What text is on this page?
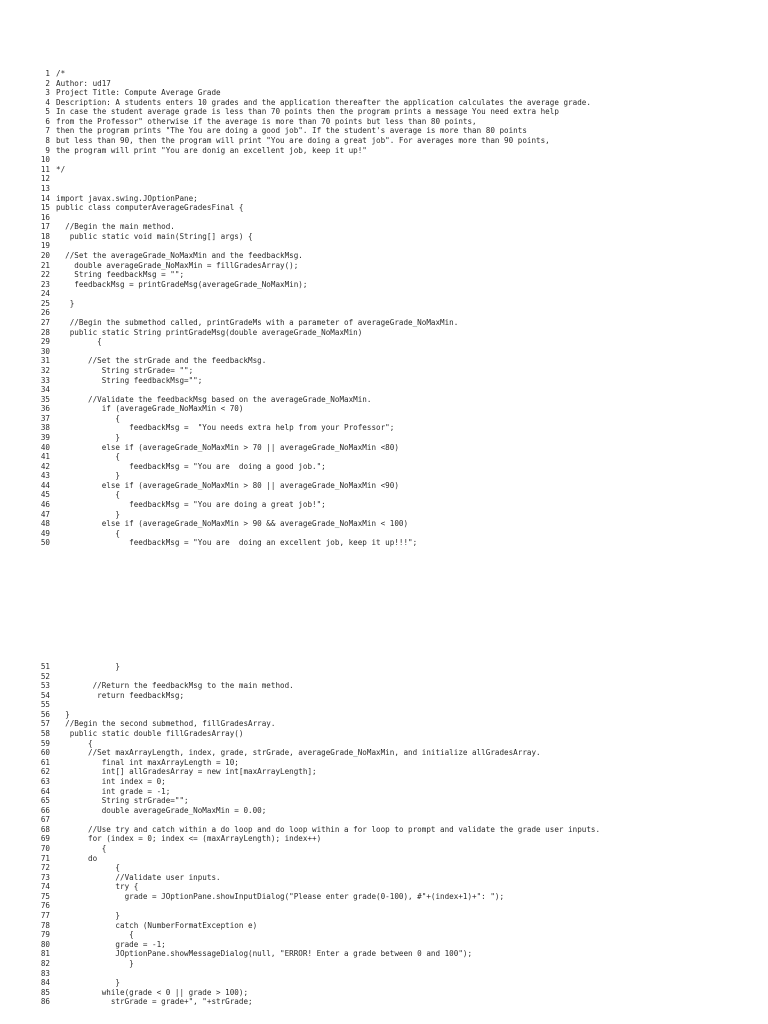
1 /*
2 Author: ud17
3 Project Title: Compute Average Grade
4 Description: A students enters 10 grades and the application thereafter the application calculates the average grade.
5 In case the student average grade is less than 70 points then the program prints a message You need extra help
6 from the Professor" otherwise if the average is more than 70 points but less than 80 points,
7 then the program prints "The You are doing a good job". If the student's average is more than 80 points
8 but less than 90, then the program will print "You are doing a great job". For averages more than 90 points,
9 the program will print "You are donig an excellent job, keep it up!"
10
11 */
12
13
14 import javax.swing.JOptionPane;
15 public class computerAverageGradesFinal {
16
17  //Begin the main method.
18   public static void main(String[] args) {
19
20  //Set the averageGrade_NoMaxMin and the feedbackMsg.
21    double averageGrade_NoMaxMin = fillGradesArray();
22    String feedbackMsg = "";
23    feedbackMsg = printGradeMsg(averageGrade_NoMaxMin);
24
25   }
26
27   //Begin the submethod called, printGradeMs with a parameter of averageGrade_NoMaxMin.
28   public static String printGradeMsg(double averageGrade_NoMaxMin)
29         {
30
31       //Set the strGrade and the feedbackMsg.
32          String strGrade= "";
33          String feedbackMsg="";
34
35       //Validate the feedbackMsg based on the averageGrade_NoMaxMin.
36          if (averageGrade_NoMaxMin < 70)
37             {
38                feedbackMsg =  "You needs extra help from your Professor";
39             }
40          else if (averageGrade_NoMaxMin > 70 || averageGrade_NoMaxMin <80)
41             {
42                feedbackMsg = "You are  doing a good job.";
43             }
44          else if (averageGrade_NoMaxMin > 80 || averageGrade_NoMaxMin <90)
45             {
46                feedbackMsg = "You are doing a great job!";
47             }
48          else if (averageGrade_NoMaxMin > 90 && averageGrade_NoMaxMin < 100)
49             {
50                feedbackMsg = "You are  doing an excellent job, keep it up!!!";
51             }
52
53        //Return the feedbackMsg to the main method.
54         return feedbackMsg;
55
56  }
57  //Begin the second submethod, fillGradesArray.
58   public static double fillGradesArray()
59       {
60       //Set maxArrayLength, index, grade, strGrade, averageGrade_NoMaxMin, and initialize allGradesArray.
61          final int maxArrayLength = 10;
62          int[] allGradesArray = new int[maxArrayLength];
63          int index = 0;
64          int grade = -1;
65          String strGrade="";
66          double averageGrade_NoMaxMin = 0.00;
67
68       //Use try and catch within a do loop and do loop within a for loop to prompt and validate the grade user inputs.
69       for (index = 0; index <= (maxArrayLength); index++)
70          {
71       do
72             {
73             //Validate user inputs.
74             try {
75               grade = JOptionPane.showInputDialog("Please enter grade(0-100), #"+(index+1)+": ");
76
77             }
78             catch (NumberFormatException e)
79                {
80             grade = -1;
81             JOptionPane.showMessageDialog(null, "ERROR! Enter a grade between 0 and 100");
82                }
83
84             }
85          while(grade < 0 || grade > 100);
86            strGrade = grade+", "+strGrade;
